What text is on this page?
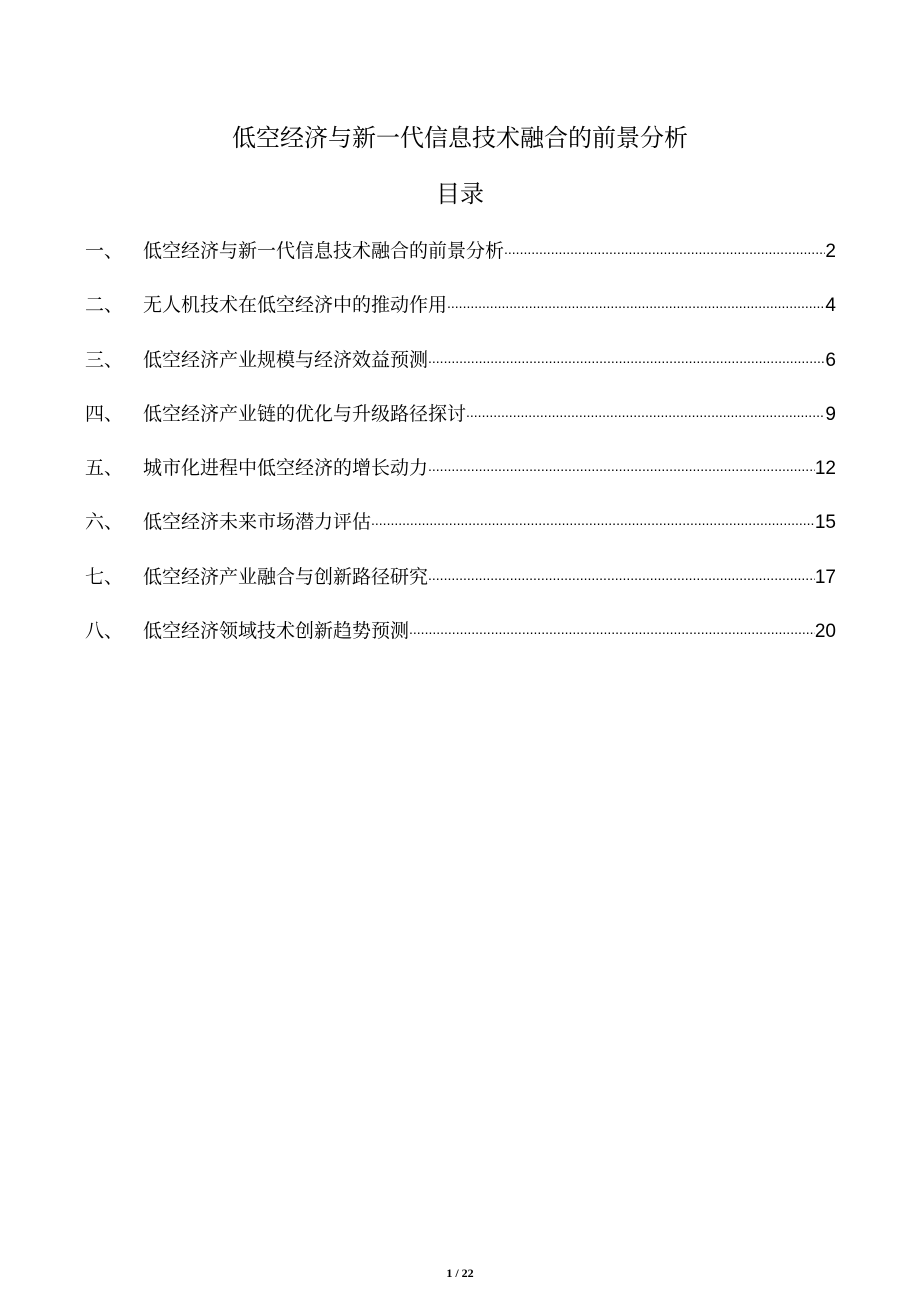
低空经济与新一代信息技术融合的前景分析
目录
一、	低空经济与新一代信息技术融合的前景分析 .....	2
二、	无人机技术在低空经济中的推动作用 .....	4
三、	低空经济产业规模与经济效益预测 .....	6
四、	低空经济产业链的优化与升级路径探讨 .....	9
五、	城市化进程中低空经济的增长动力 .....	12
六、	低空经济未来市场潜力评估 .....	15
七、	低空经济产业融合与创新路径研究 .....	17
八、	低空经济领域技术创新趋势预测 .....	20
1 / 22
